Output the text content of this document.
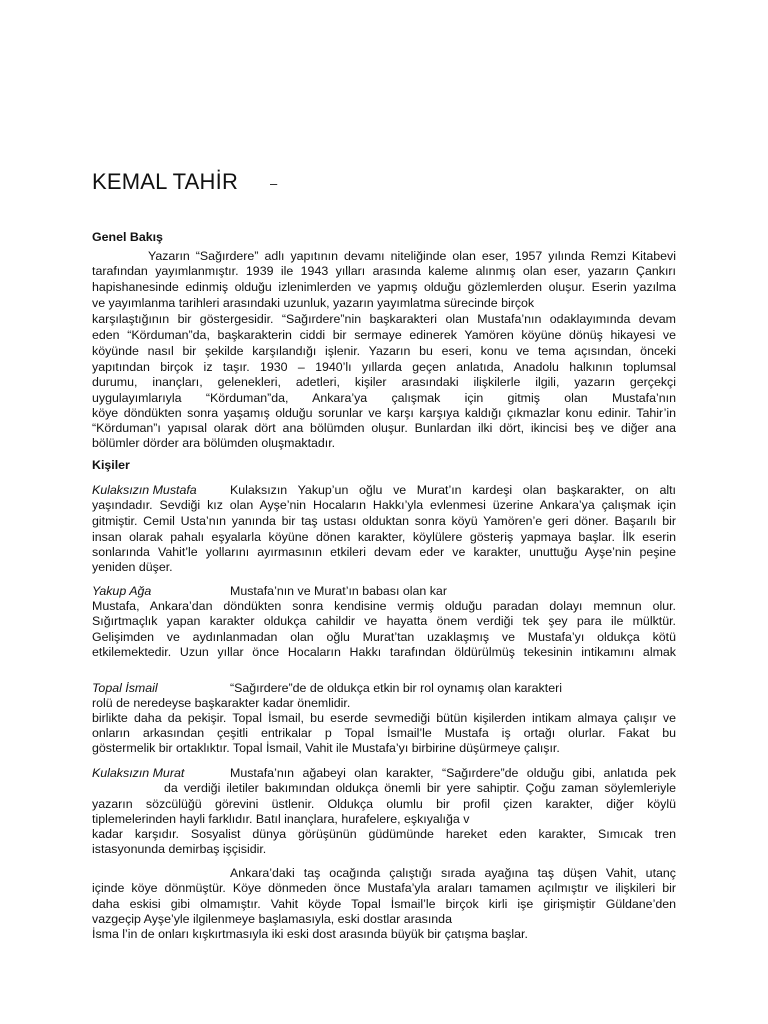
KEMAL TAHİR –
Genel Bakış
Yazarın “Sağırdere” adlı yapıtının devamı niteliğinde olan eser, 1957 yılında Remzi Kitabevi
tarafından yayımlanmıştır. 1939 ile 1943 yılları arasında kaleme alınmış olan eser, yazarın Çankırı
hapishanesinde edinmiş olduğu izlenimlerden ve yapmış olduğu gözlemlerden oluşur. Eserin yazılma
ve yayımlanma tarihleri arasındaki uzunluk, yazarın yayımlatma sürecinde birçok
karşılaştığının bir göstergesidir. “Sağırdere”nin başkarakteri olan Mustafa’nın odaklayımında devam
eden “Körduman”da, başkarakterin ciddi bir sermaye edinerek Yamören köyüne dönüş hikayesi ve
köyünde nasıl bir şekilde karşılandığı işlenir. Yazarın bu eseri, konu ve tema açısından, önceki
yapıtından birçok iz taşır. 1930 – 1940’lı yıllarda geçen anlatıda, Anadolu halkının toplumsal
durumu, inançları, gelenekleri, adetleri, kişiler arasındaki ilişkilerle ilgili, yazarın gerçekçi
uygulayımlarıyla “Körduman”da, Ankara’ya çalışmak için gitmiş olan Mustafa’nın
köye döndükten sonra yaşamış olduğu sorunlar ve karşı karşıya kaldığı çıkmazlar konu edinir. Tahir’in
“Körduman”ı yapısal olarak dört ana bölümden oluşur. Bunlardan ilki dört, ikincisi beş ve diğer ana
bölümler dörder ara bölümden oluşmaktadır.
Kişiler
Kulaksızın Mustafa	Kulaksızın Yakup’un oğlu ve Murat’ın kardeşi olan başkarakter, on altı
yaşındadır. Sevdiği kız olan Ayşe’nin Hocaların Hakkı’yla evlenmesi üzerine Ankara’ya çalışmak için
gitmiştir. Cemil Usta’nın yanında bir taş ustası olduktan sonra köyü Yamören’e geri döner. Başarılı bir
insan olarak pahalı eşyalarla köyüne dönen karakter, köylülere gösteriş yapmaya başlar. İlk eserin
sonlarında Vahit’le yollarını ayırmasının etkileri devam eder ve karakter, unuttuğu Ayşe’nin peşine
yeniden düşer.
Yakup Ağa	Mustafa’nın ve Murat’ın babası olan kar
Mustafa, Ankara’dan döndükten sonra kendisine vermiş olduğu paradan dolayı memnun olur.
Sığırtmaçlık yapan karakter oldukça cahildir ve hayatta önem verdiği tek şey para ile mülktür.
Gelişimden ve aydınlanmadan olan oğlu Murat’tan uzaklaşmış ve Mustafa’yı oldukça kötü
etkilemektedir. Uzun yıllar önce Hocaların Hakkı tarafından öldürülmüş tekesinin intikamını almak
Topal İsmail	“Sağırdere”de de oldukça etkin bir rol oynamış olan karakteri
rolü de neredeyse başkarakter kadar önemlidir.
birlikte daha da pekişir. Topal İsmail, bu eserde sevmediği bütün kişilerden intikam almaya çalışır ve
onların arkasından çeşitli entrikalar p Topal İsmail’le Mustafa iş ortağı olurlar. Fakat bu
göstermelik bir ortaklıktır. Topal İsmail, Vahit ile Mustafa’yı birbirine düşürmeye çalışır.
Kulaksızın Murat	Mustafa’nın ağabeyi olan karakter, “Sağırdere”de olduğu gibi, anlatıda pek
da verdiği iletiler bakımından oldukça önemli bir yere sahiptir. Çoğu zaman söylemleriyle
yazarın sözcülüğü görevini üstlenir. Oldukça olumlu bir profil çizen karakter, diğer köylü
tiplemelerinden hayli farklıdır. Batıl inançlara, hurafelere, eşkıyalığa v
kadar karşıdır. Sosyalist dünya görüşünün güdümünde hareket eden karakter, Sımıcak tren
istasyonunda demirbaş işçisidir.
Ankara’daki taş ocağında çalıştığı sırada ayağına taş düşen Vahit, utanç
içinde köye dönmüştür. Köye dönmeden önce Mustafa’yla araları tamamen açılmıştır ve ilişkileri bir
daha eskisi gibi olmamıştır. Vahit köyde Topal İsmail’le birçok kirli işe girişmiştir Güldane’den
vazgeçip Ayşe’yle ilgilenmeye başlamasıyla, eski dostlar arasında
İsma l’in de onları kışkırtmasıyla iki eski dost arasında büyük bir çatışma başlar.
